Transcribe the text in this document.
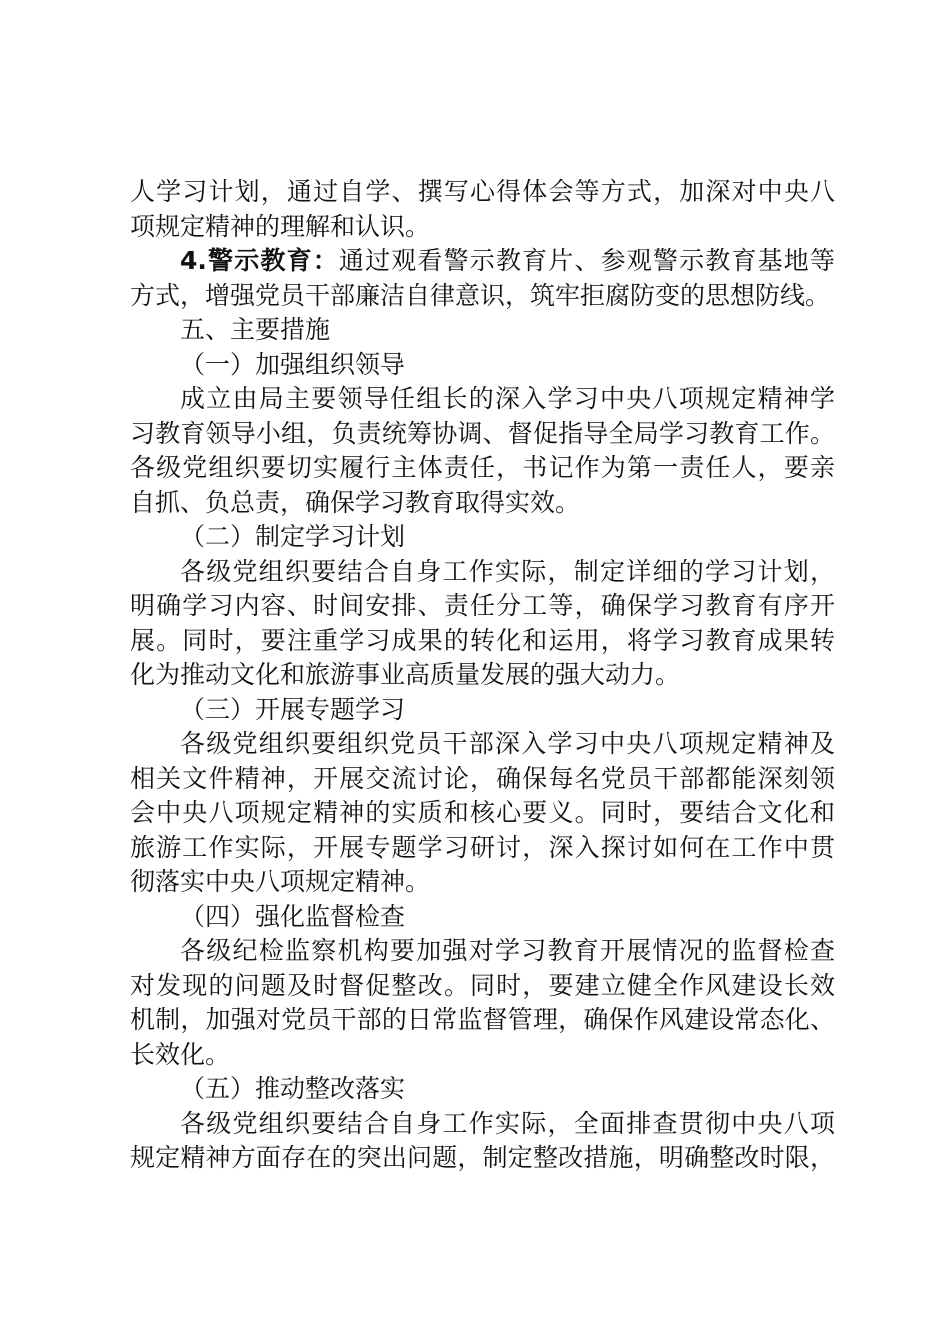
人学习计划，通过自学、撰写心得体会等方式，加深对中央八
项规定精神的理解和认识。
4.警示教育：通过观看警示教育片、参观警示教育基地等
方式，增强党员干部廉洁自律意识，筑牢拒腐防变的思想防线。
五、主要措施
（一）加强组织领导
成立由局主要领导任组长的深入学习中央八项规定精神学
习教育领导小组，负责统筹协调、督促指导全局学习教育工作。
各级党组织要切实履行主体责任，书记作为第一责任人，要亲
自抓、负总责，确保学习教育取得实效。
（二）制定学习计划
各级党组织要结合自身工作实际，制定详细的学习计划，
明确学习内容、时间安排、责任分工等，确保学习教育有序开
展。同时，要注重学习成果的转化和运用，将学习教育成果转
化为推动文化和旅游事业高质量发展的强大动力。
（三）开展专题学习
各级党组织要组织党员干部深入学习中央八项规定精神及
相关文件精神，开展交流讨论，确保每名党员干部都能深刻领
会中央八项规定精神的实质和核心要义。同时，要结合文化和
旅游工作实际，开展专题学习研讨，深入探讨如何在工作中贯
彻落实中央八项规定精神。
（四）强化监督检查
各级纪检监察机构要加强对学习教育开展情况的监督检查
对发现的问题及时督促整改。同时，要建立健全作风建设长效
机制，加强对党员干部的日常监督管理，确保作风建设常态化、
长效化。
（五）推动整改落实
各级党组织要结合自身工作实际，全面排查贯彻中央八项
规定精神方面存在的突出问题，制定整改措施，明确整改时限，
